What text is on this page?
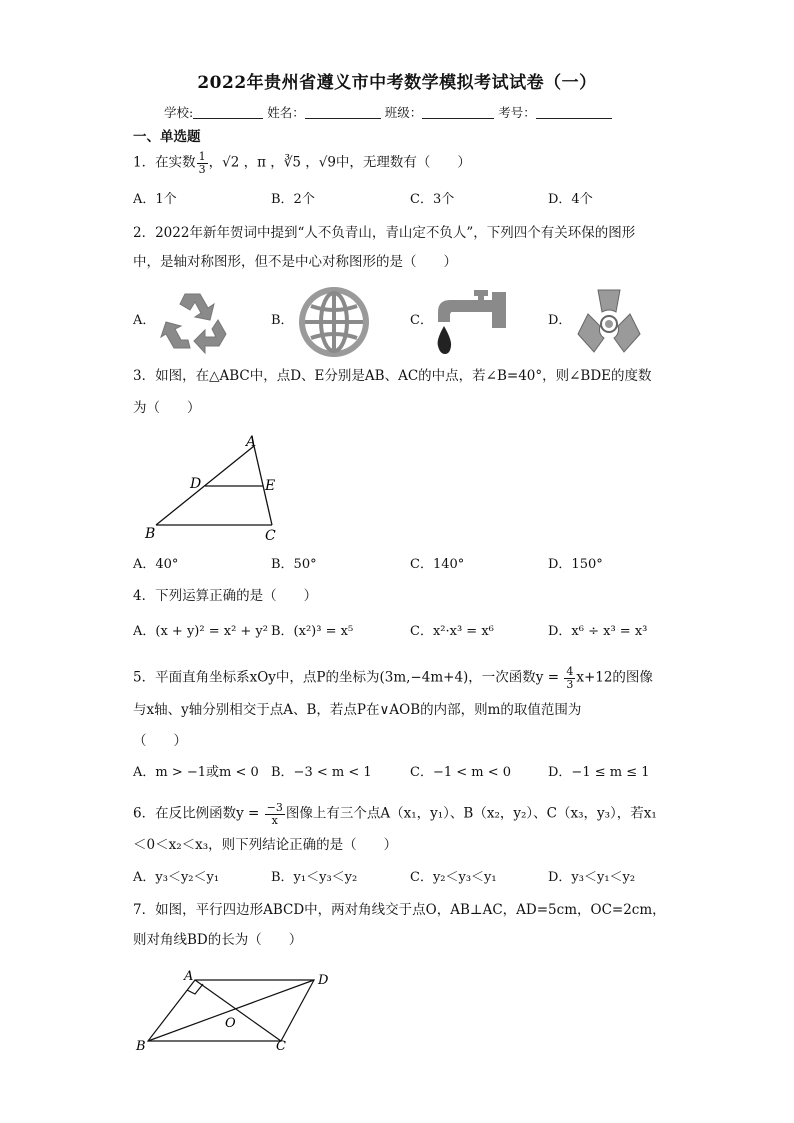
2022年贵州省遵义市中考数学模拟考试试卷（一）
学校:	姓名：	班级：	考号：
一、单选题
1．在实数 $\frac{1}{3}$ ，√2 ，π ，∛5 ，√9中，无理数有（　　）
A．1个	B．2个	C．3个	D．4个
2．2022年新年贺词中提到“人不负青山，青山定不负人”，下列四个有关环保的图形
中，是轴对称图形，但不是中心对称图形的是（　　）
A．	B．	C．	D．
3．如图，在△ABC中，点D、E分别是AB、AC的中点，若∠B=40°，则∠BDE的度数
为（　　）
A
D	E
B	C
A．40°	B．50°	C．140°	D．150°
4．下列运算正确的是（　　）
A．(x + y)² = x² + y² B．(x²)³ = x⁵	C．x²·x³ = x⁶	D．x⁶ ÷ x³ = x³
5．平面直角坐标系xOy中，点P的坐标为(3m,−4m+4)，一次函数$y = \frac{4}{3} x+12$的图像
与x轴、y轴分别相交于点A、B，若点P在∨AOB的内部，则m的取值范围为
（　　）
A．m > −1或m < 0 B．−3 < m < 1	C．−1 < m < 0	D．−1 ≤ m ≤ 1
6．在反比例函数$y = \frac{-3}{x}$ 图像上有三个点A（x₁，y₁）、B（x₂，y₂）、C（x₃，y₃），若x₁
＜0＜x₂＜x₃，则下列结论正确的是（　　）
A．y₃＜y₂＜y₁	B．y₁＜y₃＜y₂	C．y₂＜y₃＜y₁	D．y₃＜y₁＜y₂
7．如图，平行四边形ABCD中，两对角线交于点O，AB⊥AC，AD=5cm，OC=2cm，
则对角线BD的长为（　　）
A	D
O
B	C
